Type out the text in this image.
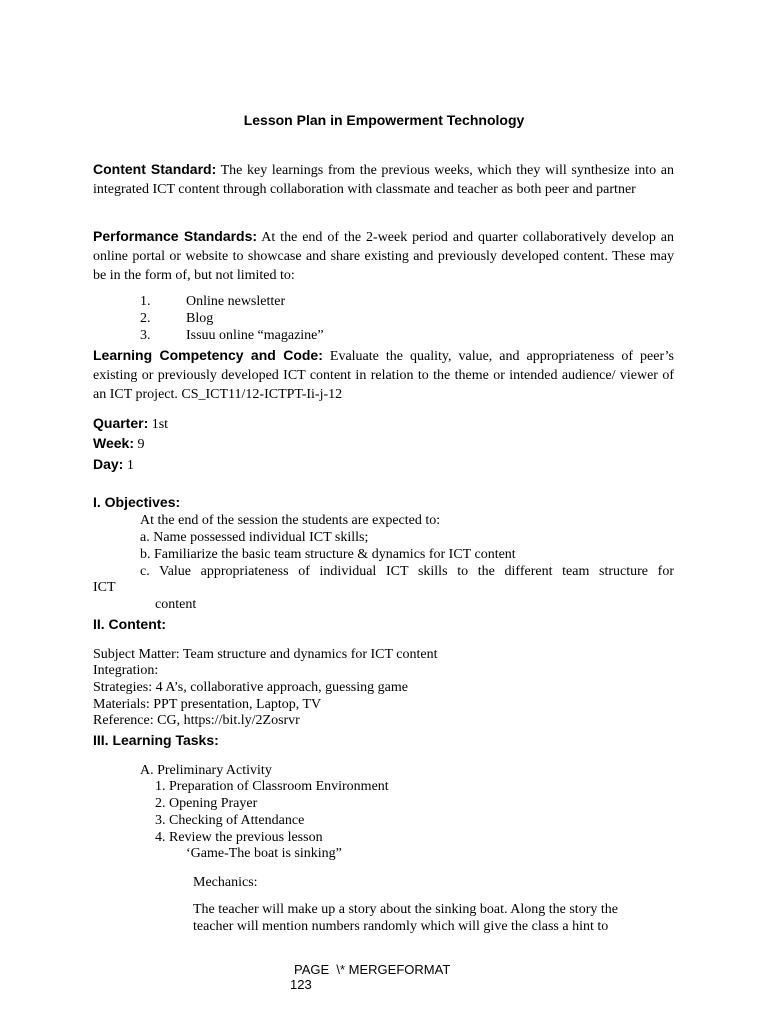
Lesson Plan in Empowerment Technology
Content Standard: The key learnings from the previous weeks, which they will synthesize into an integrated ICT content through collaboration with classmate and teacher as both peer and partner
Performance Standards: At the end of the 2-week period and quarter collaboratively develop an online portal or website to showcase and share existing and previously developed content. These may be in the form of, but not limited to:
1.	Online newsletter
2.	Blog
3.	Issuu online “magazine”
Learning Competency and Code: Evaluate the quality, value, and appropriateness of peer’s existing or previously developed ICT content in relation to the theme or intended audience/ viewer of an ICT project. CS_ICT11/12-ICTPT-Ii-j-12
Quarter: 1st
Week: 9
Day: 1
I. Objectives:
At the end of the session the students are expected to:
a. Name possessed individual ICT skills;
b. Familiarize the basic team structure & dynamics for ICT content
c. Value appropriateness of individual ICT skills to the different team structure for
ICT
content
II. Content:
Subject Matter: Team structure and dynamics for ICT content
Integration:
Strategies: 4 A’s, collaborative approach, guessing game
Materials: PPT presentation, Laptop, TV
Reference: CG, https://bit.ly/2Zosrvr
III. Learning Tasks:
A. Preliminary Activity
1. Preparation of Classroom Environment
2. Opening Prayer
3. Checking of Attendance
4. Review the previous lesson
‘Game-The boat is sinking”
Mechanics:
The teacher will make up a story about the sinking boat. Along the story the
teacher will mention numbers randomly which will give the class a hint to
PAGE  \* MERGEFORMAT
123
